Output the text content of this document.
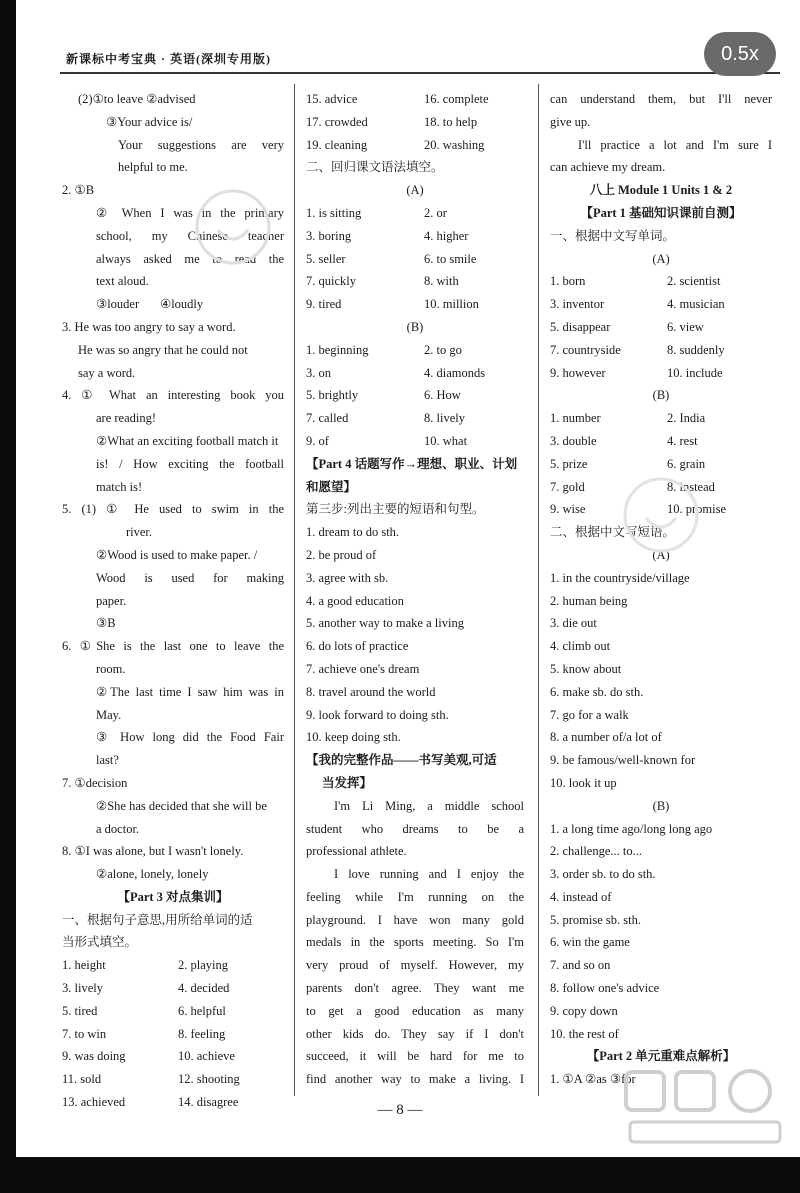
新课标中考宝典 · 英语(深圳专用版)	0.5x
(2)①to leave ②advised
③Your advice is/
Your suggestions are very
helpful to me.
2. ①B
② When I was in the primary
school, my Chinese teacher
always asked me to read the
text aloud.
③louder	④loudly
3. He was too angry to say a word.
He was so angry that he could not
say a word.
4. ① What an interesting book you
are reading!
②What an exciting football match it
is! / How exciting the football
match is!
5. (1) ① He used to swim in the
river.
②Wood is used to make paper. /
Wood is used for making
paper.
③B
6. ①She is the last one to leave the
room.
②The last time I saw him was in
May.
③ How long did the Food Fair
last?
7. ①decision
②She has decided that she will be
a doctor.
8. ①I was alone, but I wasn't lonely.
②alone, lonely, lonely
【Part 3 对点集训】
一、根据句子意思,用所给单词的适
当形式填空。
1. height	2. playing
3. lively	4. decided
5. tired	6. helpful
7. to win	8. feeling
9. was doing	10. achieve
11. sold	12. shooting
13. achieved	14. disagree
15. advice	16. complete
17. crowded	18. to help
19. cleaning	20. washing
二、回归课文语法填空。
(A)
1. is sitting	2. or
3. boring	4. higher
5. seller	6. to smile
7. quickly	8. with
9. tired	10. million
(B)
1. beginning	2. to go
3. on	4. diamonds
5. brightly	6. How
7. called	8. lively
9. of	10. what
【Part 4 话题写作→理想、职业、计划
和愿望】
第三步:列出主要的短语和句型。
1. dream to do sth.
2. be proud of
3. agree with sb.
4. a good education
5. another way to make a living
6. do lots of practice
7. achieve one's dream
8. travel around the world
9. look forward to doing sth.
10. keep doing sth.
【我的完整作品——书写美观,可适
当发挥】
I'm Li Ming, a middle school
student who dreams to be a
professional athlete.
I love running and I enjoy the
feeling while I'm running on the
playground. I have won many gold
medals in the sports meeting. So I'm
very proud of myself. However, my
parents don't agree. They want me
to get a good education as many
other kids do. They say if I don't
succeed, it will be hard for me to
find another way to make a living. I
can understand them, but I'll never
give up.
I'll practice a lot and I'm sure I
can achieve my dream.
八上 Module 1 Units 1 & 2
【Part 1 基础知识课前自测】
一、根据中文写单词。
(A)
1. born	2. scientist
3. inventor	4. musician
5. disappear	6. view
7. countryside	8. suddenly
9. however	10. include
(B)
1. number	2. India
3. double	4. rest
5. prize	6. grain
7. gold	8. instead
9. wise	10. promise
二、根据中文写短语。
(A)
1. in the countryside/village
2. human being
3. die out
4. climb out
5. know about
6. make sb. do sth.
7. go for a walk
8. a number of/a lot of
9. be famous/well-known for
10. look it up
(B)
1. a long time ago/long long ago
2. challenge... to...
3. order sb. to do sth.
4. instead of
5. promise sb. sth.
6. win the game
7. and so on
8. follow one's advice
9. copy down
10. the rest of
【Part 2 单元重难点解析】
1. ①A ②as ③for
— 8 —
